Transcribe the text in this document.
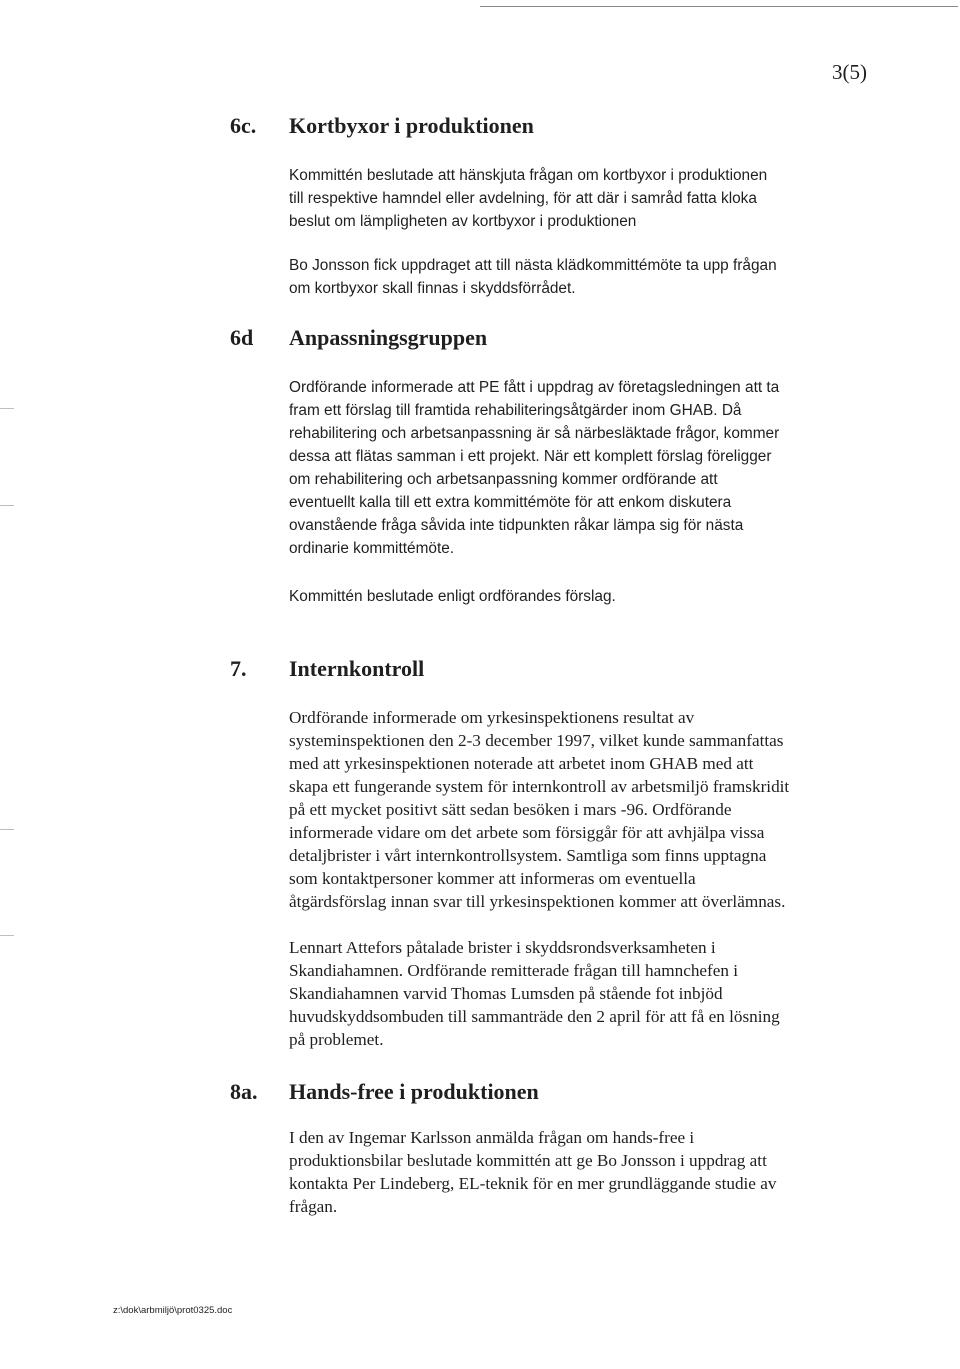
3(5)
6c. Kortbyxor i produktionen

Kommittén beslutade att hänskjuta frågan om kortbyxor i produktionen
till respektive hamndel eller avdelning, för att där i samråd fatta kloka
beslut om lämpligheten av kortbyxor i produktionen

Bo Jonsson fick uppdraget att till nästa klädkommittémöte ta upp frågan
om kortbyxor skall finnas i skyddsförrådet.

6d Anpassningsgruppen

Ordförande informerade att PE fått i uppdrag av företagsledningen att ta
fram ett förslag till framtida rehabiliteringsåtgärder inom GHAB. Då
rehabilitering och arbetsanpassning är så närbesläktade frågor, kommer
dessa att flätas samman i ett projekt. När ett komplett förslag föreligger
om rehabilitering och arbetsanpassning kommer ordförande att
eventuellt kalla till ett extra kommittémöte för att enkom diskutera
ovanstående fråga såvida inte tidpunkten råkar lämpa sig för nästa
ordinarie kommittémöte.

Kommittén beslutade enligt ordförandes förslag.

7. Internkontroll

Ordförande informerade om yrkesinspektionens resultat av
systeminspektionen den 2-3 december 1997, vilket kunde sammanfattas
med att yrkesinspektionen noterade att arbetet inom GHAB med att
skapa ett fungerande system för internkontroll av arbetsmiljö framskridit
på ett mycket positivt sätt sedan besöken i mars -96. Ordförande
informerade vidare om det arbete som försiggår för att avhjälpa vissa
detaljbrister i vårt internkontrollsystem. Samtliga som finns upptagna
som kontaktpersoner kommer att informeras om eventuella
åtgärdsförslag innan svar till yrkesinspektionen kommer att överlämnas.

Lennart Attefors påtalade brister i skyddsrondsverksamheten i
Skandiahamnen. Ordförande remitterade frågan till hamnchefen i
Skandiahamnen varvid Thomas Lumsden på stående fot inbjöd
huvudskyddsombuden till sammanträde den 2 april för att få en lösning
på problemet.

8a. Hands-free i produktionen

I den av Ingemar Karlsson anmälda frågan om hands-free i
produktionsbilar beslutade kommittén att ge Bo Jonsson i uppdrag att
kontakta Per Lindeberg, EL-teknik för en mer grundläggande studie av
frågan.

z:\dok\arbmiljö\prot0325.doc
